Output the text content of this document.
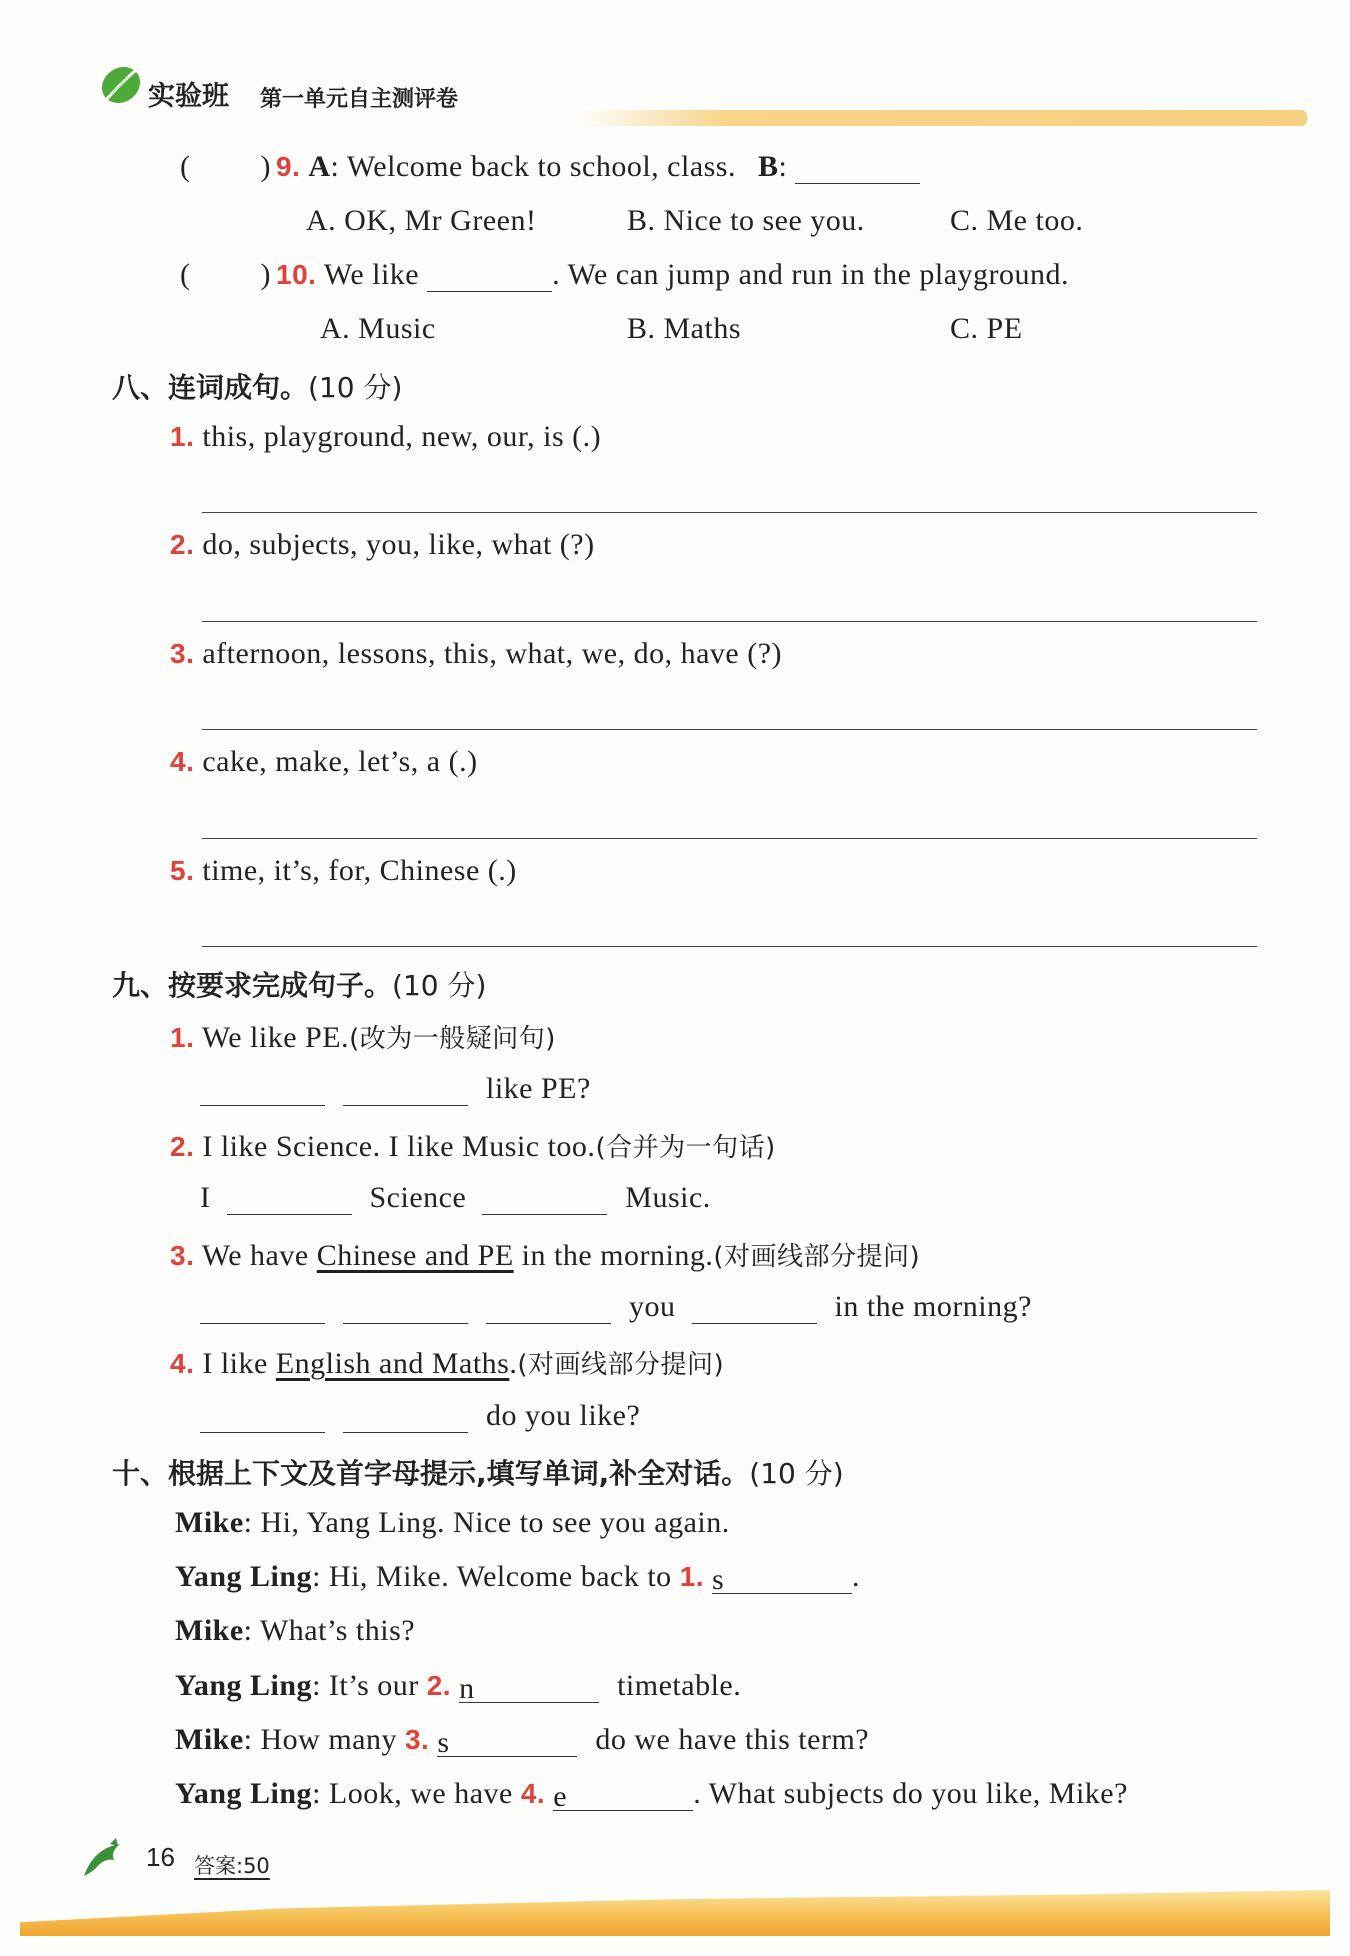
实验班 第一单元自主测评卷
( ) 9. A: Welcome back to school, class. B:
A. OK, Mr Green!	B. Nice to see you.	C. Me too.
( ) 10. We like	. We can jump and run in the playground.
A. Music	B. Maths	C. PE
八、连词成句。(10 分)
1. this, playground, new, our, is (.)
2. do, subjects, you, like, what (?)
3. afternoon, lessons, this, what, we, do, have (?)
4. cake, make, let’s, a (.)
5. time, it’s, for, Chinese (.)
九、按要求完成句子。(10 分)
1. We like PE.(改为一般疑问句)
like PE?
2. I like Science. I like Music too.(合并为一句话)
I	Science	Music.
3. We have Chinese and PE in the morning.(对画线部分提问)
you	in the morning?
4. I like English and Maths.(对画线部分提问)
do you like?
十、根据上下文及首字母提示,填写单词,补全对话。(10 分)
Mike: Hi, Yang Ling. Nice to see you again.
Yang Ling: Hi, Mike. Welcome back to 1. s	.
Mike: What’s this?
Yang Ling: It’s our 2. n	timetable.
Mike: How many 3. s	do we have this term?
Yang Ling: Look, we have 4. e	. What subjects do you like, Mike?
16 答案:50
